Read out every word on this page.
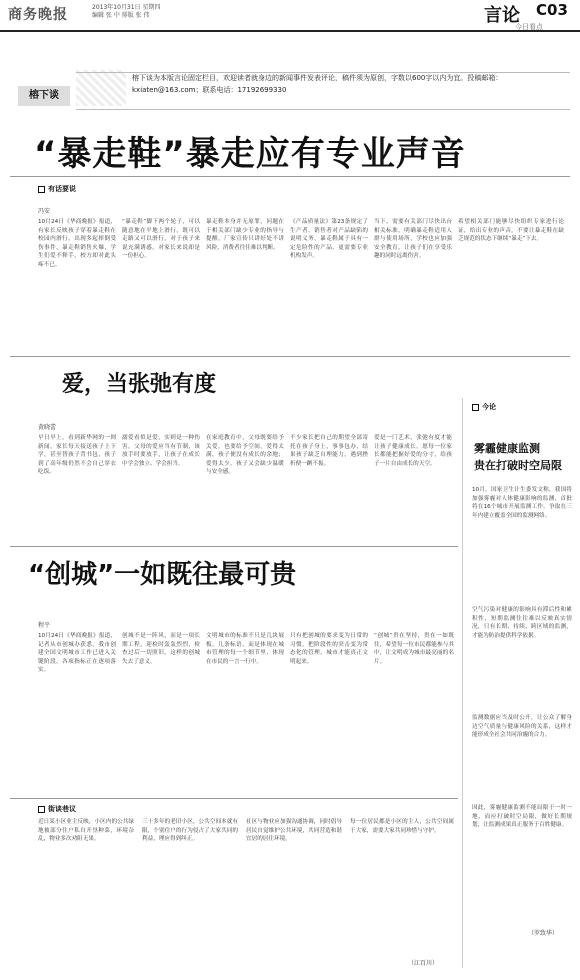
商务晚报	2013年10月31日 星期四
编辑 张 中 排版 张 伟	言论 C03
今日看点
榕下谈为本版言论固定栏目，欢迎读者就身边的新闻事件发表评论，稿件须为原创，字数以600字以内为宜。投稿邮箱：kxiaten@163.com；联系电话：17192699330
榕下谈
“暴走鞋”暴走应有专业声音
有话要说
冯安
10月24日《华商晚报》报道，有家长反映孩子穿着暴走鞋在校园内滑行，出现多起摔倒受伤事件，暴走鞋销售火爆，学生们爱不释手，校方却对此头疼不已。
“暴走鞋”脚下两个轮子，可以随意地在平地上滑行，既可以走路又可以滑行，对于孩子来说充满诱惑，对家长来说却是一份担心。
暴走鞋本身并无原罪，问题在于相关部门缺少专业的指导与提醒，厂家宣传只讲好处不讲风险，消费者往往难以判断。
《产品质量法》第23条规定了生产者、销售者对产品缺陷的说明义务，暴走鞋属于具有一定危险性的产品，更需要专业机构发声。
当下，需要有关部门尽快出台相关标准，明确暴走鞋适用人群与使用场所，学校也应加强安全教育，让孩子们在享受乐趣的同时远离伤害。
希望相关部门能够尽快组织专家进行论证，给出专业的声音，不要让暴走鞋在缺乏规范的状态下继续“暴走”下去。
爱，当张弛有度
黄晓蕾
早日早上，看到新华网的一则新闻，家长每天接送孩子上下学，甚至替孩子背书包，孩子到了高年级仍然不会自己穿衣吃饭。
溺爱看似是爱，实则是一种伤害。父母的爱应当有节制，该放手时要放手，让孩子在成长中学会独立、学会担当。
在家庭教育中，父母既要给予关爱，也要给予空间，爱得太满，孩子便没有成长的余地；爱得太少，孩子又会缺少温暖与安全感。
不少家长把自己的期望全部寄托在孩子身上，事事包办，结果孩子缺乏自理能力，遇到挫折便一蹶不振。
爱是一门艺术，张弛有度才能让孩子健康成长。愿每一位家长都能把握好爱的分寸，给孩子一片自由成长的天空。
今论
雾霾健康监测
贵在打破时空局限
10月，国家卫生计生委发文称，我国将加强雾霾对人体健康影响的监测，首批将在16个城市开展监测工作，争取在三年内建立覆盖全国的监测网络。
空气污染对健康的影响具有滞后性和累积性，短期监测往往难以反映真实情况，只有长期、持续、跨区域的监测，才能为防治提供科学依据。
监测数据应当及时公开，让公众了解身边空气质量与健康风险的关系，这样才能形成全社会共同治霾的合力。
因此，雾霾健康监测不能局限于一时一地，而应打破时空局限，做好长期规划，让监测成果真正服务于百姓健康。
（罗致华）
“创城”一如既往最可贵
程平
10月24日《华商晚报》报道，记者从市创城办获悉，我市创建全国文明城市工作已进入关键阶段，各项指标正在逐项落实。
创城不是一阵风，而是一项长期工程，迎检时轰轰烈烈，检查过后一切照旧，这样的创城失去了意义。
文明城市的标准不只是几块展板、几条标语，而是体现在城市管理的每一个细节里，体现在市民的一言一行中。
只有把创城的要求变为日常的习惯，把阶段性的突击变为常态化的管理，城市才能真正文明起来。
“创城”贵在坚持，贵在一如既往，希望每一位市民都能参与其中，让文明成为城市最亮丽的名片。
街谈巷议
近日某小区业主反映，小区内的公共绿地被部分住户私自开垦种菜，环境杂乱，物业多次劝阻无果。
三十多年的老旧小区，公共空间本就有限，个别住户的行为侵占了大家共同的利益，理应得到纠正。
社区与物业应加强沟通协调，同时倡导居民自觉维护公共环境，共同营造和谐宜居的居住环境。
每一位居民都是小区的主人，公共空间属于大家，需要大家共同珍惜与守护。
（江百川）
